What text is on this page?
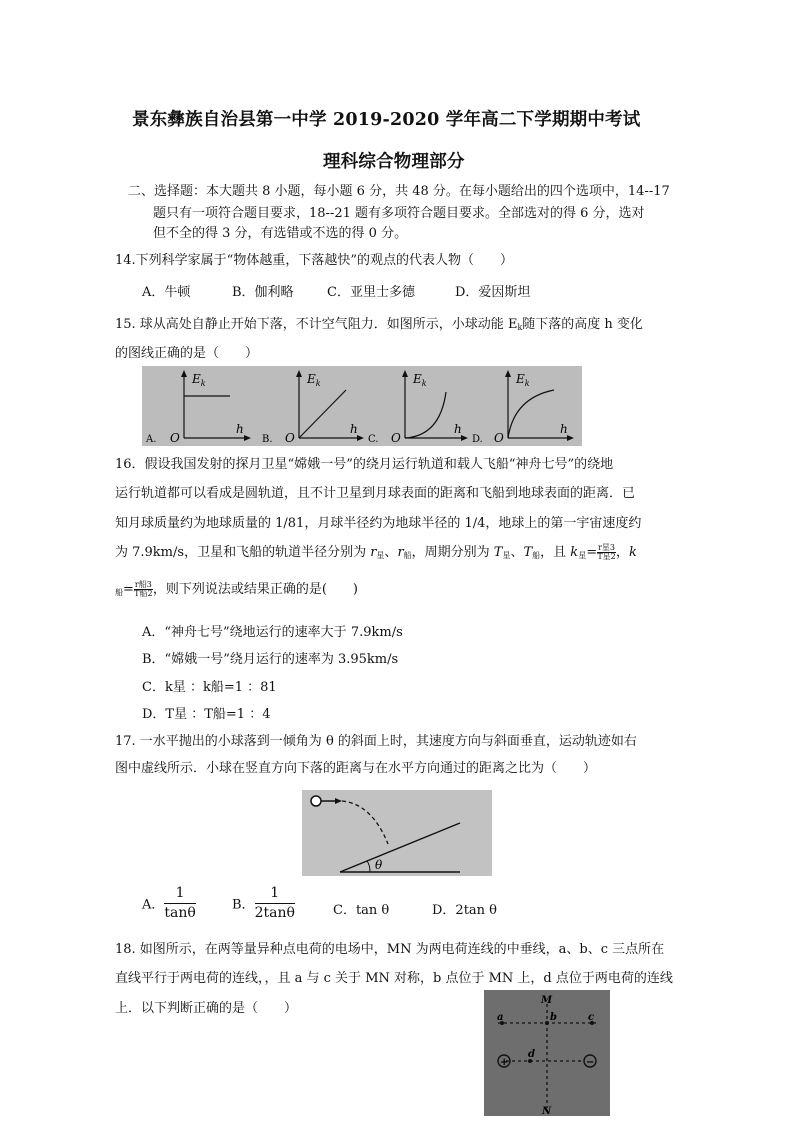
景东彝族自治县第一中学 2019-2020 学年高二下学期期中考试
理科综合物理部分
二、选择题：本大题共 8 小题，每小题 6 分，共 48 分。在每小题给出的四个选项中，14--17
题只有一项符合题目要求，18--21 题有多项符合题目要求。全部选对的得 6 分，选对
但不全的得 3 分，有选错或不选的得 0 分。
14.下列科学家属于“物体越重，下落越快”的观点的代表人物（　　）
A．牛顿	B．伽利略	C．亚里士多德	D．爱因斯坦
15. 球从高处自静止开始下落，不计空气阻力．如图所示，小球动能 $E_k$随下落的高度 h 变化
的图线正确的是（　　）
A. O
$E_k$
h
B. O
$E_k$
h
C. O
$E_k$
h
D. O
$E_k$
h
16．假设我国发射的探月卫星“嫦娥一号”的绕月运行轨道和载人飞船“神舟七号”的绕地
运行轨道都可以看成是圆轨道，且不计卫星到月球表面的距离和飞船到地球表面的距离．已
知月球质量约为地球质量的 1/81，月球半径约为地球半径的 1/4，地球上的第一宇宙速度约
为 7.9km/s，卫星和飞船的轨道半径分别为 $r_星$、$r_船$，周期分别为 $T_星$、$T_船$，且 $k_星= \frac{\text{r星3}}{\text{T星2}}$ ，k
$_船= \frac{\text{r船3}}{\text{T船2}}$ ，则下列说法或结果正确的是(　　)
A．“神舟七号”绕地运行的速率大于 7.9km/s
B．“嫦娥一号”绕月运行的速率为 3.95km/s
C．k星 ：k船=1 ：81
D．T星 ：T船=1 ：4
17. 一水平抛出的小球落到一倾角为 θ 的斜面上时，其速度方向与斜面垂直，运动轨迹如右
图中虚线所示．小球在竖直方向下落的距离与在水平方向通过的距离之比为（　　）
θ
A． $\frac{1}{\tan\theta}$	B． $\frac{1}{2\tan\theta}$	C．tan θ	D．2tan θ
18. 如图所示，在两等量异种点电荷的电场中，MN 为两电荷连线的中垂线，a、b、c 三点所在
直线平行于两电荷的连线，，且 a 与 c 关于 MN 对称，b 点位于 MN 上，d 点位于两电荷的连线
上．以下判断正确的是（　　）
M
N
a	b	c
+	−
d
